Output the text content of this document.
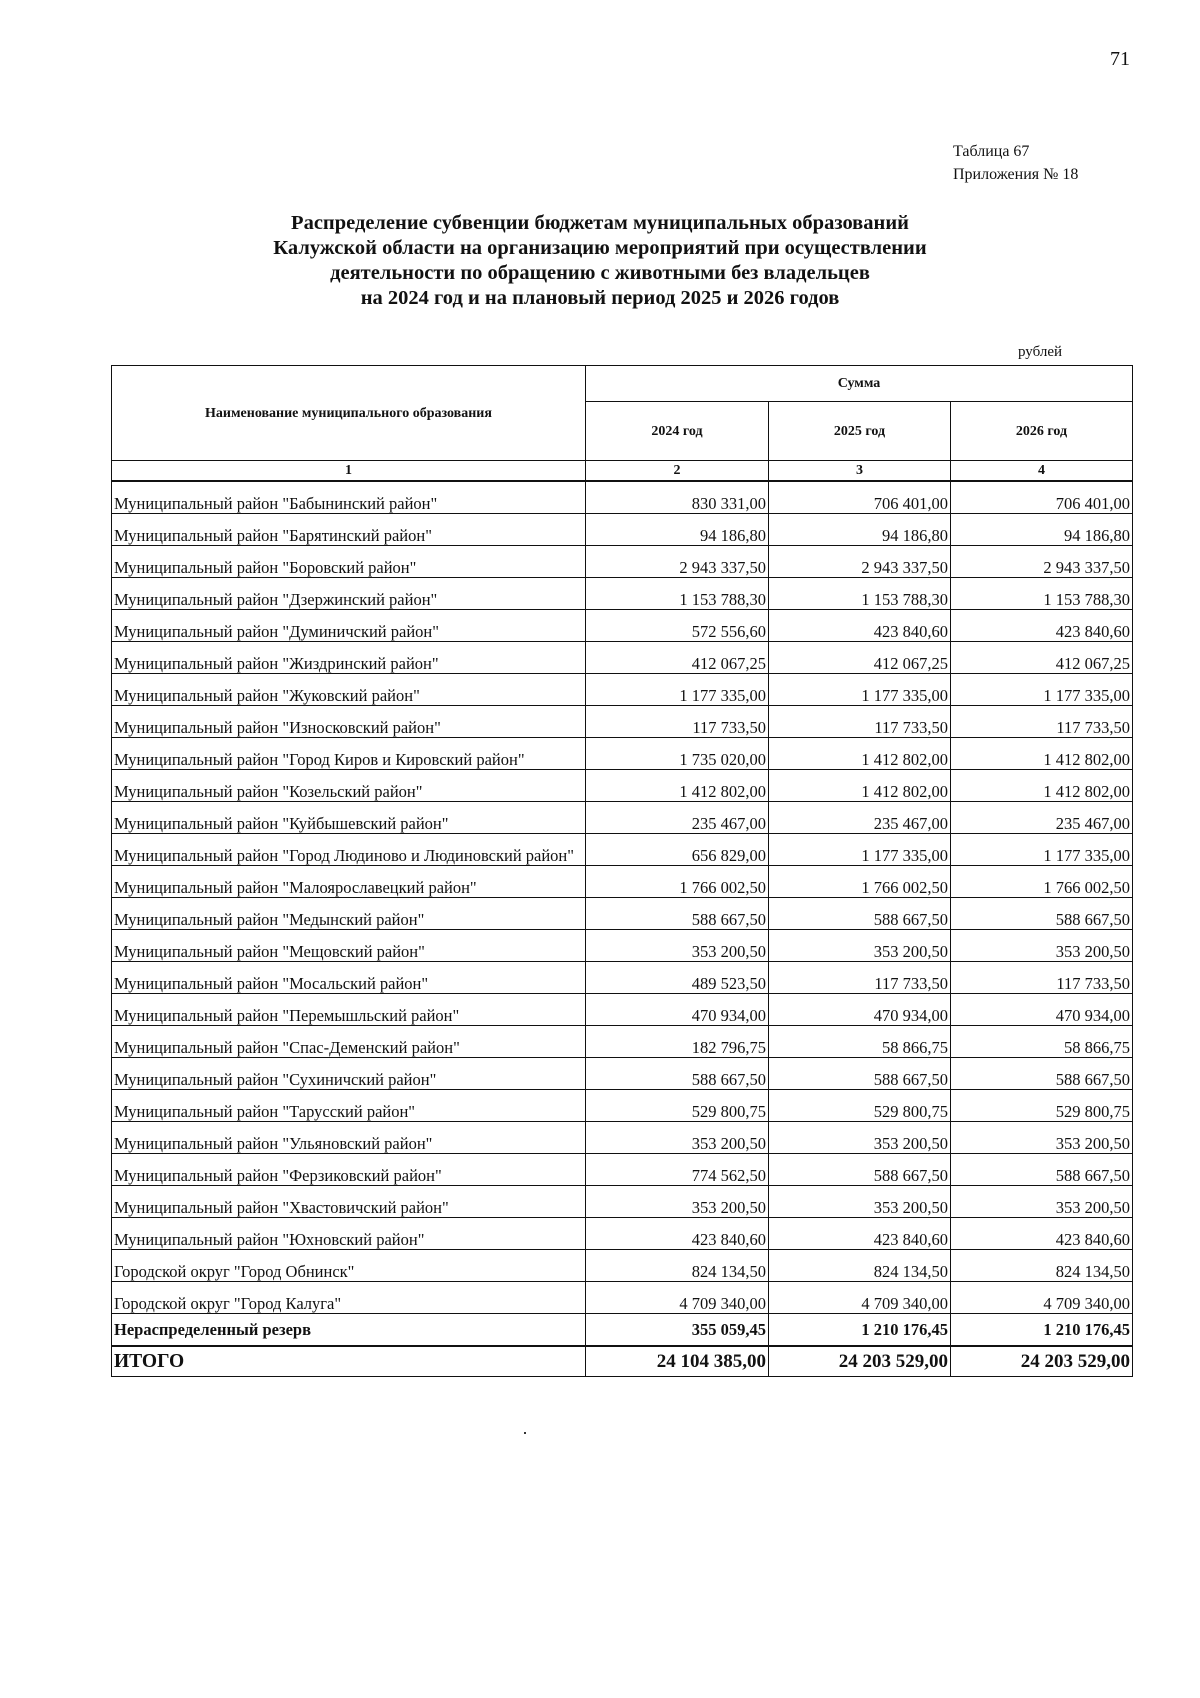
71
Таблица 67
Приложения № 18
Распределение субвенции бюджетам муниципальных образований
Калужской области на организацию мероприятий при осуществлении
деятельности по обращению с животными без владельцев
на 2024 год и на плановый период 2025 и 2026 годов
рублей
Наименование муниципального образования	Сумма		
	2024 год	2025 год	2026 год
1	2	3	4
Муниципальный район "Бабынинский район"	830 331,00	706 401,00	706 401,00
Муниципальный район "Барятинский район"	94 186,80	94 186,80	94 186,80
Муниципальный район "Боровский район"	2 943 337,50	2 943 337,50	2 943 337,50
Муниципальный район "Дзержинский район"	1 153 788,30	1 153 788,30	1 153 788,30
Муниципальный район "Думиничский район"	572 556,60	423 840,60	423 840,60
Муниципальный район "Жиздринский район"	412 067,25	412 067,25	412 067,25
Муниципальный район "Жуковский район"	1 177 335,00	1 177 335,00	1 177 335,00
Муниципальный район "Износковский район"	117 733,50	117 733,50	117 733,50
Муниципальный район "Город Киров и Кировский район"	1 735 020,00	1 412 802,00	1 412 802,00
Муниципальный район "Козельский район"	1 412 802,00	1 412 802,00	1 412 802,00
Муниципальный район "Куйбышевский район"	235 467,00	235 467,00	235 467,00
Муниципальный район "Город Людиново и Людиновский район"	656 829,00	1 177 335,00	1 177 335,00
Муниципальный район "Малоярославецкий район"	1 766 002,50	1 766 002,50	1 766 002,50
Муниципальный район "Медынский район"	588 667,50	588 667,50	588 667,50
Муниципальный район "Мещовский район"	353 200,50	353 200,50	353 200,50
Муниципальный район "Мосальский район"	489 523,50	117 733,50	117 733,50
Муниципальный район "Перемышльский район"	470 934,00	470 934,00	470 934,00
Муниципальный район "Спас-Деменский район"	182 796,75	58 866,75	58 866,75
Муниципальный район "Сухиничский район"	588 667,50	588 667,50	588 667,50
Муниципальный район "Тарусский район"	529 800,75	529 800,75	529 800,75
Муниципальный район "Ульяновский район"	353 200,50	353 200,50	353 200,50
Муниципальный район "Ферзиковский район"	774 562,50	588 667,50	588 667,50
Муниципальный район "Хвастовичский район"	353 200,50	353 200,50	353 200,50
Муниципальный район "Юхновский район"	423 840,60	423 840,60	423 840,60
Городской округ "Город Обнинск"	824 134,50	824 134,50	824 134,50
Городской округ "Город Калуга"	4 709 340,00	4 709 340,00	4 709 340,00
Нераспределенный резерв	355 059,45	1 210 176,45	1 210 176,45
ИТОГО	24 104 385,00	24 203 529,00	24 203 529,00
